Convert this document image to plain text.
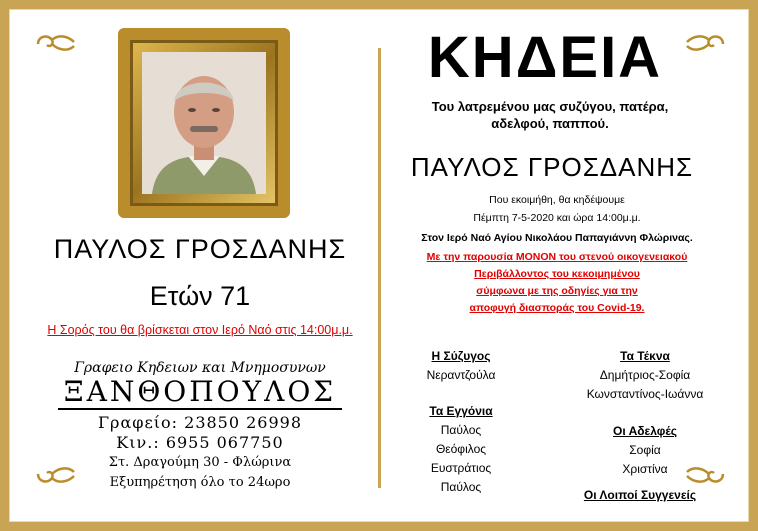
ΠΑΥΛΟΣ ΓΡΟΣΔΑΝΗΣ
Ετών 71
Η Σορός του θα βρίσκεται στον Ιερό Ναό στις 14:00μ.μ.
Γραφειο Κηδειων και Μνημοσυνων
ΞΑΝΘΟΠΟΥΛΟΣ
Γραφείο: 23850 26998
Κιν.: 6955 067750
Στ. Δραγούμη 30 - Φλώρινα
Εξυπηρέτηση όλο το 24ωρο
ΚΗΔΕΙΑ
Του λατρεμένου μας συζύγου, πατέρα,
αδελφού, παππού.
ΠΑΥΛΟΣ ΓΡΟΣΔΑΝΗΣ
Που εκοιμήθη, θα κηδέψουμε
Πέμπτη 7-5-2020 και ώρα 14:00μ.μ.
Στον Ιερό Ναό Αγίου Νικολάου Παπαγιάννη Φλώρινας.
Με την παρουσία ΜΟΝΟΝ του στενού οικογενειακού
Περιβάλλοντος του κεκοιμημένου
σύμφωνα με της οδηγίες για την
αποφυγή διασποράς του Covid-19.
Η Σύζυγος
Νεραντζούλα
Τα Τέκνα
Δημήτριος-Σοφία
Κωνσταντίνος-Ιωάννα
Τα Εγγόνια
Παύλος
Θεόφιλος
Ευστράτιος
Παύλος
Οι Αδελφές
Σοφία
Χριστίνα
Οι Λοιποί Συγγενείς
